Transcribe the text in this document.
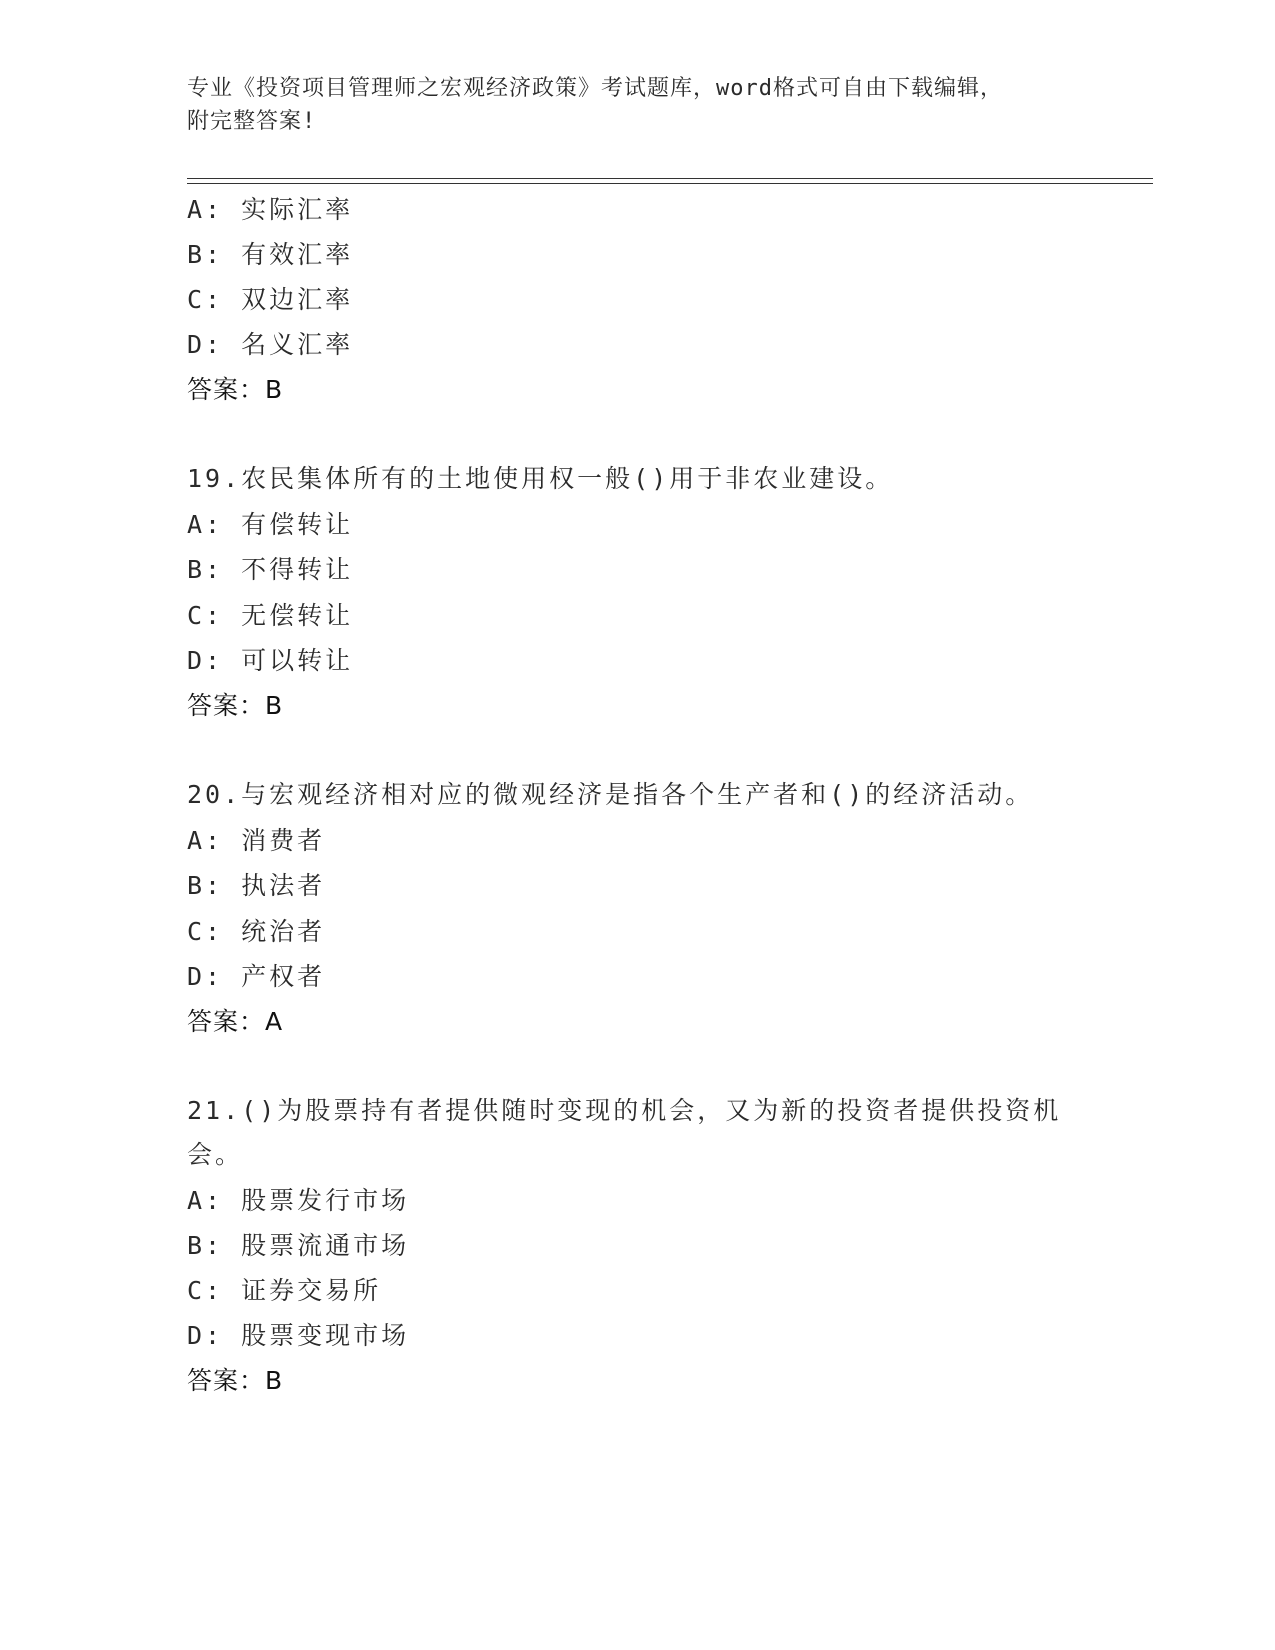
专业《投资项目管理师之宏观经济政策》考试题库，word格式可自由下载编辑，
附完整答案!
A: 实际汇率
B: 有效汇率
C: 双边汇率
D: 名义汇率
答案：B
19.农民集体所有的土地使用权一般()用于非农业建设。
A: 有偿转让
B: 不得转让
C: 无偿转让
D: 可以转让
答案：B
20.与宏观经济相对应的微观经济是指各个生产者和()的经济活动。
A: 消费者
B: 执法者
C: 统治者
D: 产权者
答案：A
21.()为股票持有者提供随时变现的机会，又为新的投资者提供投资机
会。
A: 股票发行市场
B: 股票流通市场
C: 证券交易所
D: 股票变现市场
答案：B
